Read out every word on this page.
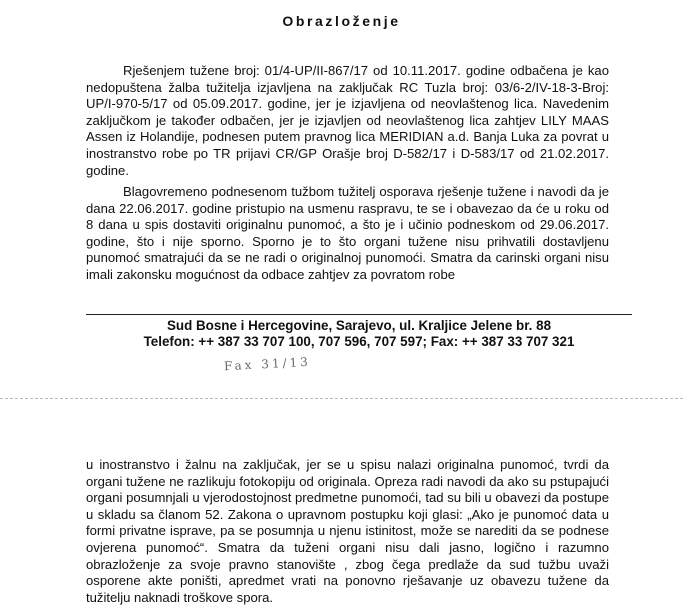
Obrazloženje

Rješenjem tužene broj: 01/4-UP/II-867/17 od 10.11.2017. godine odbačena je kao nedopuštena žalba tužitelja izjavljena na zaključak RC Tuzla broj: 03/6-2/IV-18-3-Broj: UP/I-970-5/17 od 05.09.2017. godine, jer je izjavljena od neovlaštenog lica. Navedenim zaključkom je također odbačen, jer je izjavljen od neovlaštenog lica zahtjev LILY MAAS Assen iz Holandije, podnesen putem pravnog lica MERIDIAN a.d. Banja Luka za povrat u inostranstvo robe po TR prijavi CR/GP Orašje broj D-582/17 i D-583/17 od 21.02.2017. godine.

Blagovremeno podnesenom tužbom tužitelj osporava rješenje tužene i navodi da je dana 22.06.2017. godine pristupio na usmenu raspravu, te se i obavezao da će u roku od 8 dana u spis dostaviti originalnu punomoć, a što je i učinio podneskom od 29.06.2017. godine, što i nije sporno. Sporno je to što organi tužene nisu prihvatili dostavljenu punomoć smatrajući da se ne radi o originalnoj punomoći. Smatra da carinski organi nisu imali zakonsku mogućnost da odbace zahtjev za povratom robe

Sud Bosne i Hercegovine, Sarajevo, ul. Kraljice Jelene br. 88
Telefon: ++ 387 33 707 100, 707 596, 707 597; Fax: ++ 387 33 707 321
Fax 31/13

u inostranstvo i žalnu na zaključak, jer se u spisu nalazi originalna punomoć, tvrdi da organi tužene ne razlikuju fotokopiju od originala. Opreza radi navodi da ako su pstupajući organi posumnjali u vjerodostojnost predmetne punomoći, tad su bili u obavezi da postupe u skladu sa članom 52. Zakona o upravnom postupku koji glasi: „Ako je punomoć data u formi privatne isprave, pa se posumnja u njenu istinitost, može se narediti da se podnese ovjerena punomoć“. Smatra da tuženi organi nisu dali jasno, logično i razumno obrazloženje za svoje pravno stanovište , zbog čega predlaže da sud tužbu uvaži osporene akte poništi, apredmet vrati na ponovno rješavanje uz obavezu tužene da tužitelju naknadi troškove spora.
